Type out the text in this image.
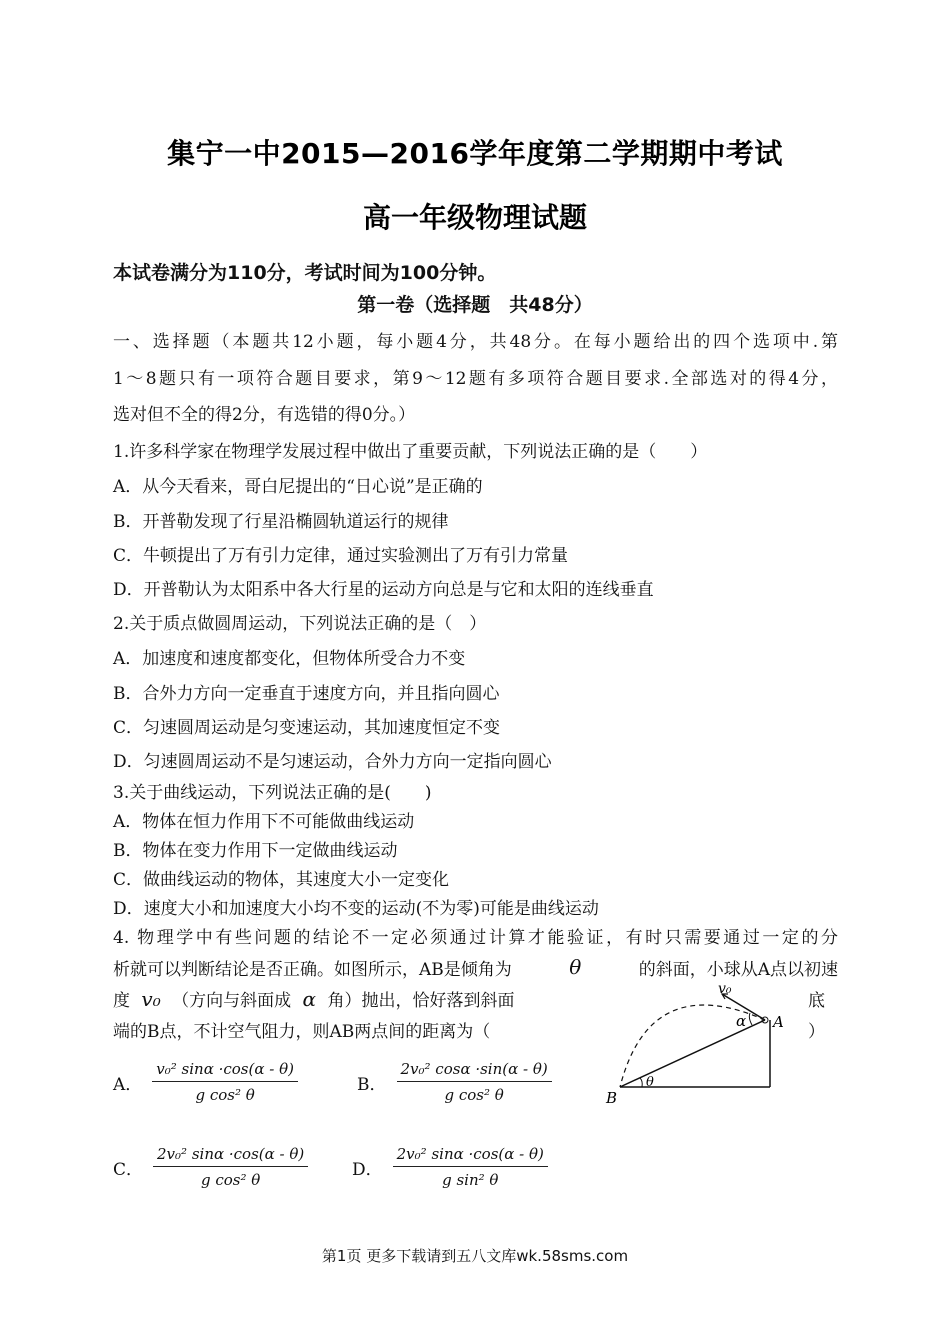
集宁一中2015—2016学年度第二学期期中考试
高一年级物理试题
本试卷满分为110分，考试时间为100分钟。
第一卷（选择题　共48分）
一、选择题（本题共12小题，每小题4分，共48分。在每小题给出的四个选项中.第
1～8题只有一项符合题目要求，第9～12题有多项符合题目要求.全部选对的得4分，
选对但不全的得2分，有选错的得0分。）
1.许多科学家在物理学发展过程中做出了重要贡献，下列说法正确的是（　　）
A．从今天看来，哥白尼提出的“日心说”是正确的
B．开普勒发现了行星沿椭圆轨道运行的规律
C．牛顿提出了万有引力定律，通过实验测出了万有引力常量
D．开普勒认为太阳系中各大行星的运动方向总是与它和太阳的连线垂直
2.关于质点做圆周运动，下列说法正确的是（　）
A．加速度和速度都变化，但物体所受合力不变
B．合外力方向一定垂直于速度方向，并且指向圆心
C．匀速圆周运动是匀变速运动，其加速度恒定不变
D．匀速圆周运动不是匀速运动，合外力方向一定指向圆心
3.关于曲线运动，下列说法正确的是(　　)
A．物体在恒力作用下不可能做曲线运动
B．物体在变力作用下一定做曲线运动
C．做曲线运动的物体，其速度大小一定变化
D．速度大小和加速度大小均不变的运动(不为零)可能是曲线运动
4. 物理学中有些问题的结论不一定必须通过计算才能验证，有时只需要通过一定的分
析就可以判断结论是否正确。如图所示，AB是倾角为	θ	的斜面，小球从A点以初速
度 v₀ （方向与斜面成 α 角）抛出，恰好落到斜面	底
端的B点，不计空气阻力，则AB两点间的距离为（	）
A． $\frac{\text{v₀² sinα ·cos(α - θ)}}{\text{g cos² θ}}$	B． $\frac{\text{2v₀² cosα ·sin(α - θ)}}{\text{g cos² θ}}$
C． $\frac{\text{2v₀² sinα ·cos(α - θ)}}{\text{g cos² θ}}$	D． $\frac{\text{2v₀² sinα ·cos(α - θ)}}{\text{g sin² θ}}$
v₀
α A
B
θ
第1页 更多下载请到五八文库wk.58sms.com
